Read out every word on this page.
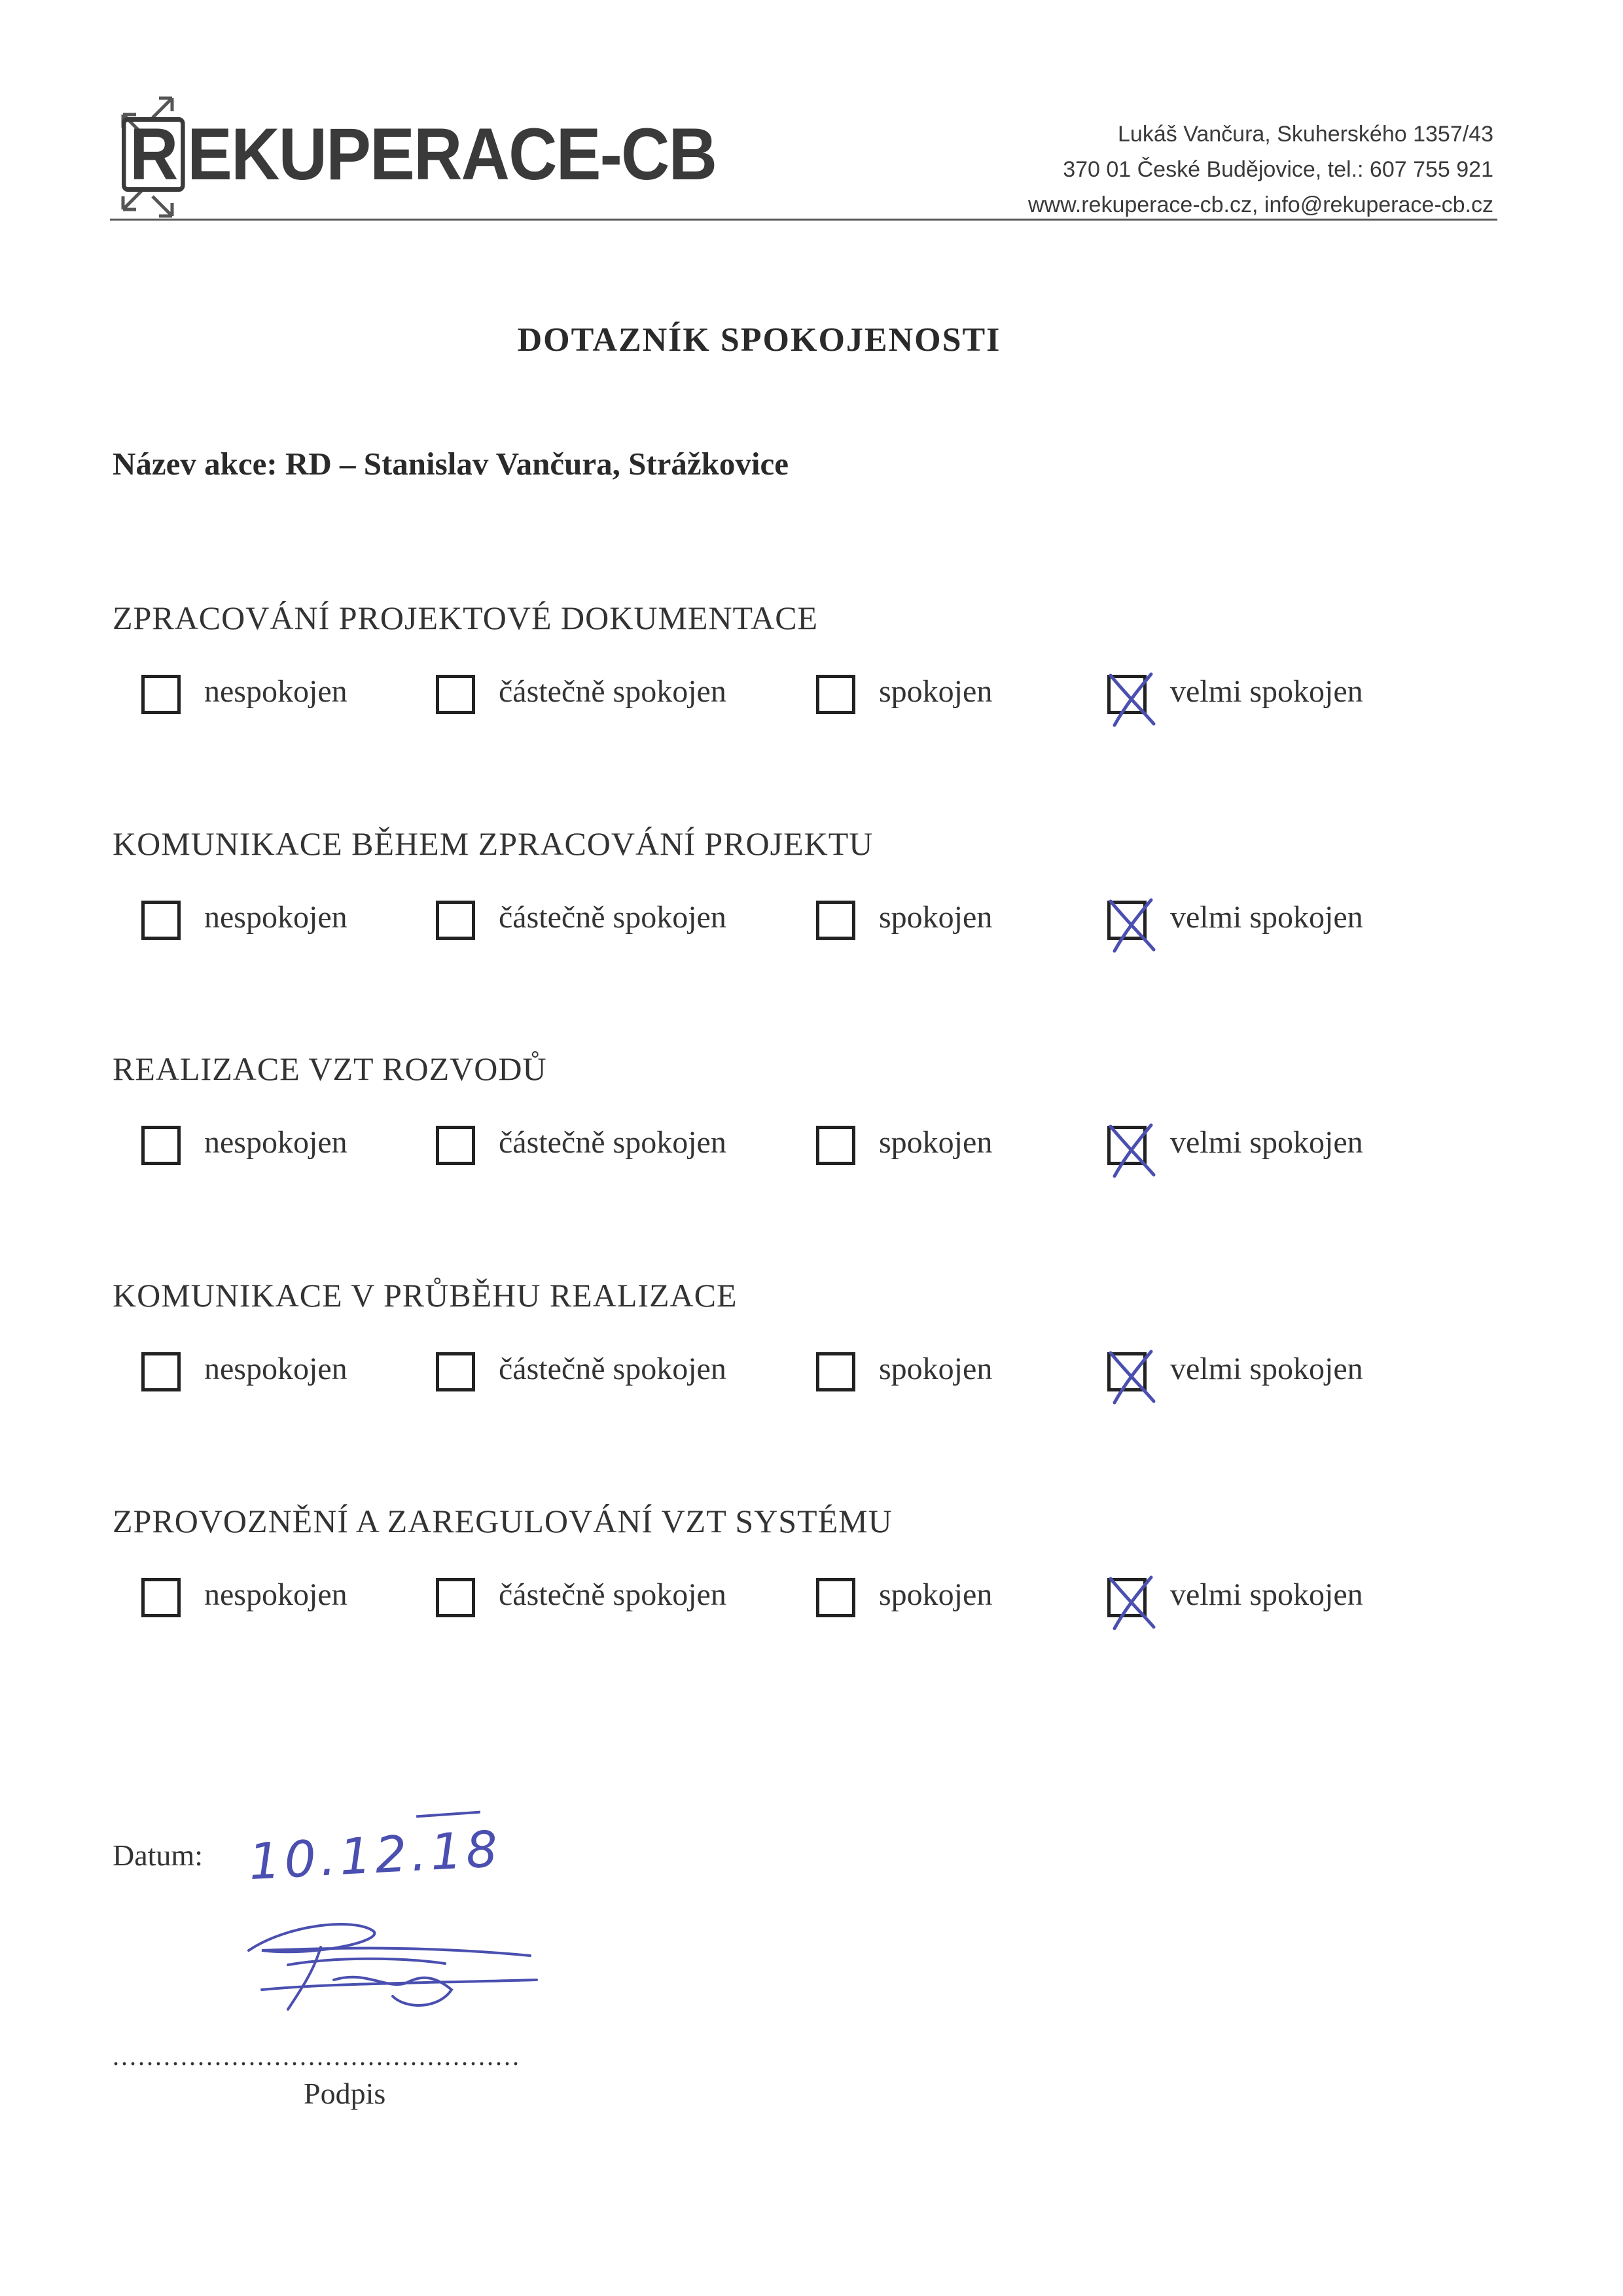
R EKUPERACE-CB	Lukáš Vančura, Skuherského 1357/43
370 01 České Budějovice, tel.: 607 755 921
www.rekuperace-cb.cz, info@rekuperace-cb.cz
DOTAZNÍK SPOKOJENOSTI
Název akce: RD – Stanislav Vančura, Strážkovice
ZPRACOVÁNÍ PROJEKTOVÉ DOKUMENTACE
nespokojen	částečně spokojen	spokojen	velmi spokojen
KOMUNIKACE BĚHEM ZPRACOVÁNÍ PROJEKTU
nespokojen	částečně spokojen	spokojen	velmi spokojen
REALIZACE VZT ROZVODŮ
nespokojen	částečně spokojen	spokojen	velmi spokojen
KOMUNIKACE V PRŮBĚHU REALIZACE
nespokojen	částečně spokojen	spokojen	velmi spokojen
ZPROVOZNĚNÍ A ZAREGULOVÁNÍ VZT SYSTÉMU
nespokojen	částečně spokojen	spokojen	velmi spokojen
Datum: 10.12.18
................................................
Podpis
